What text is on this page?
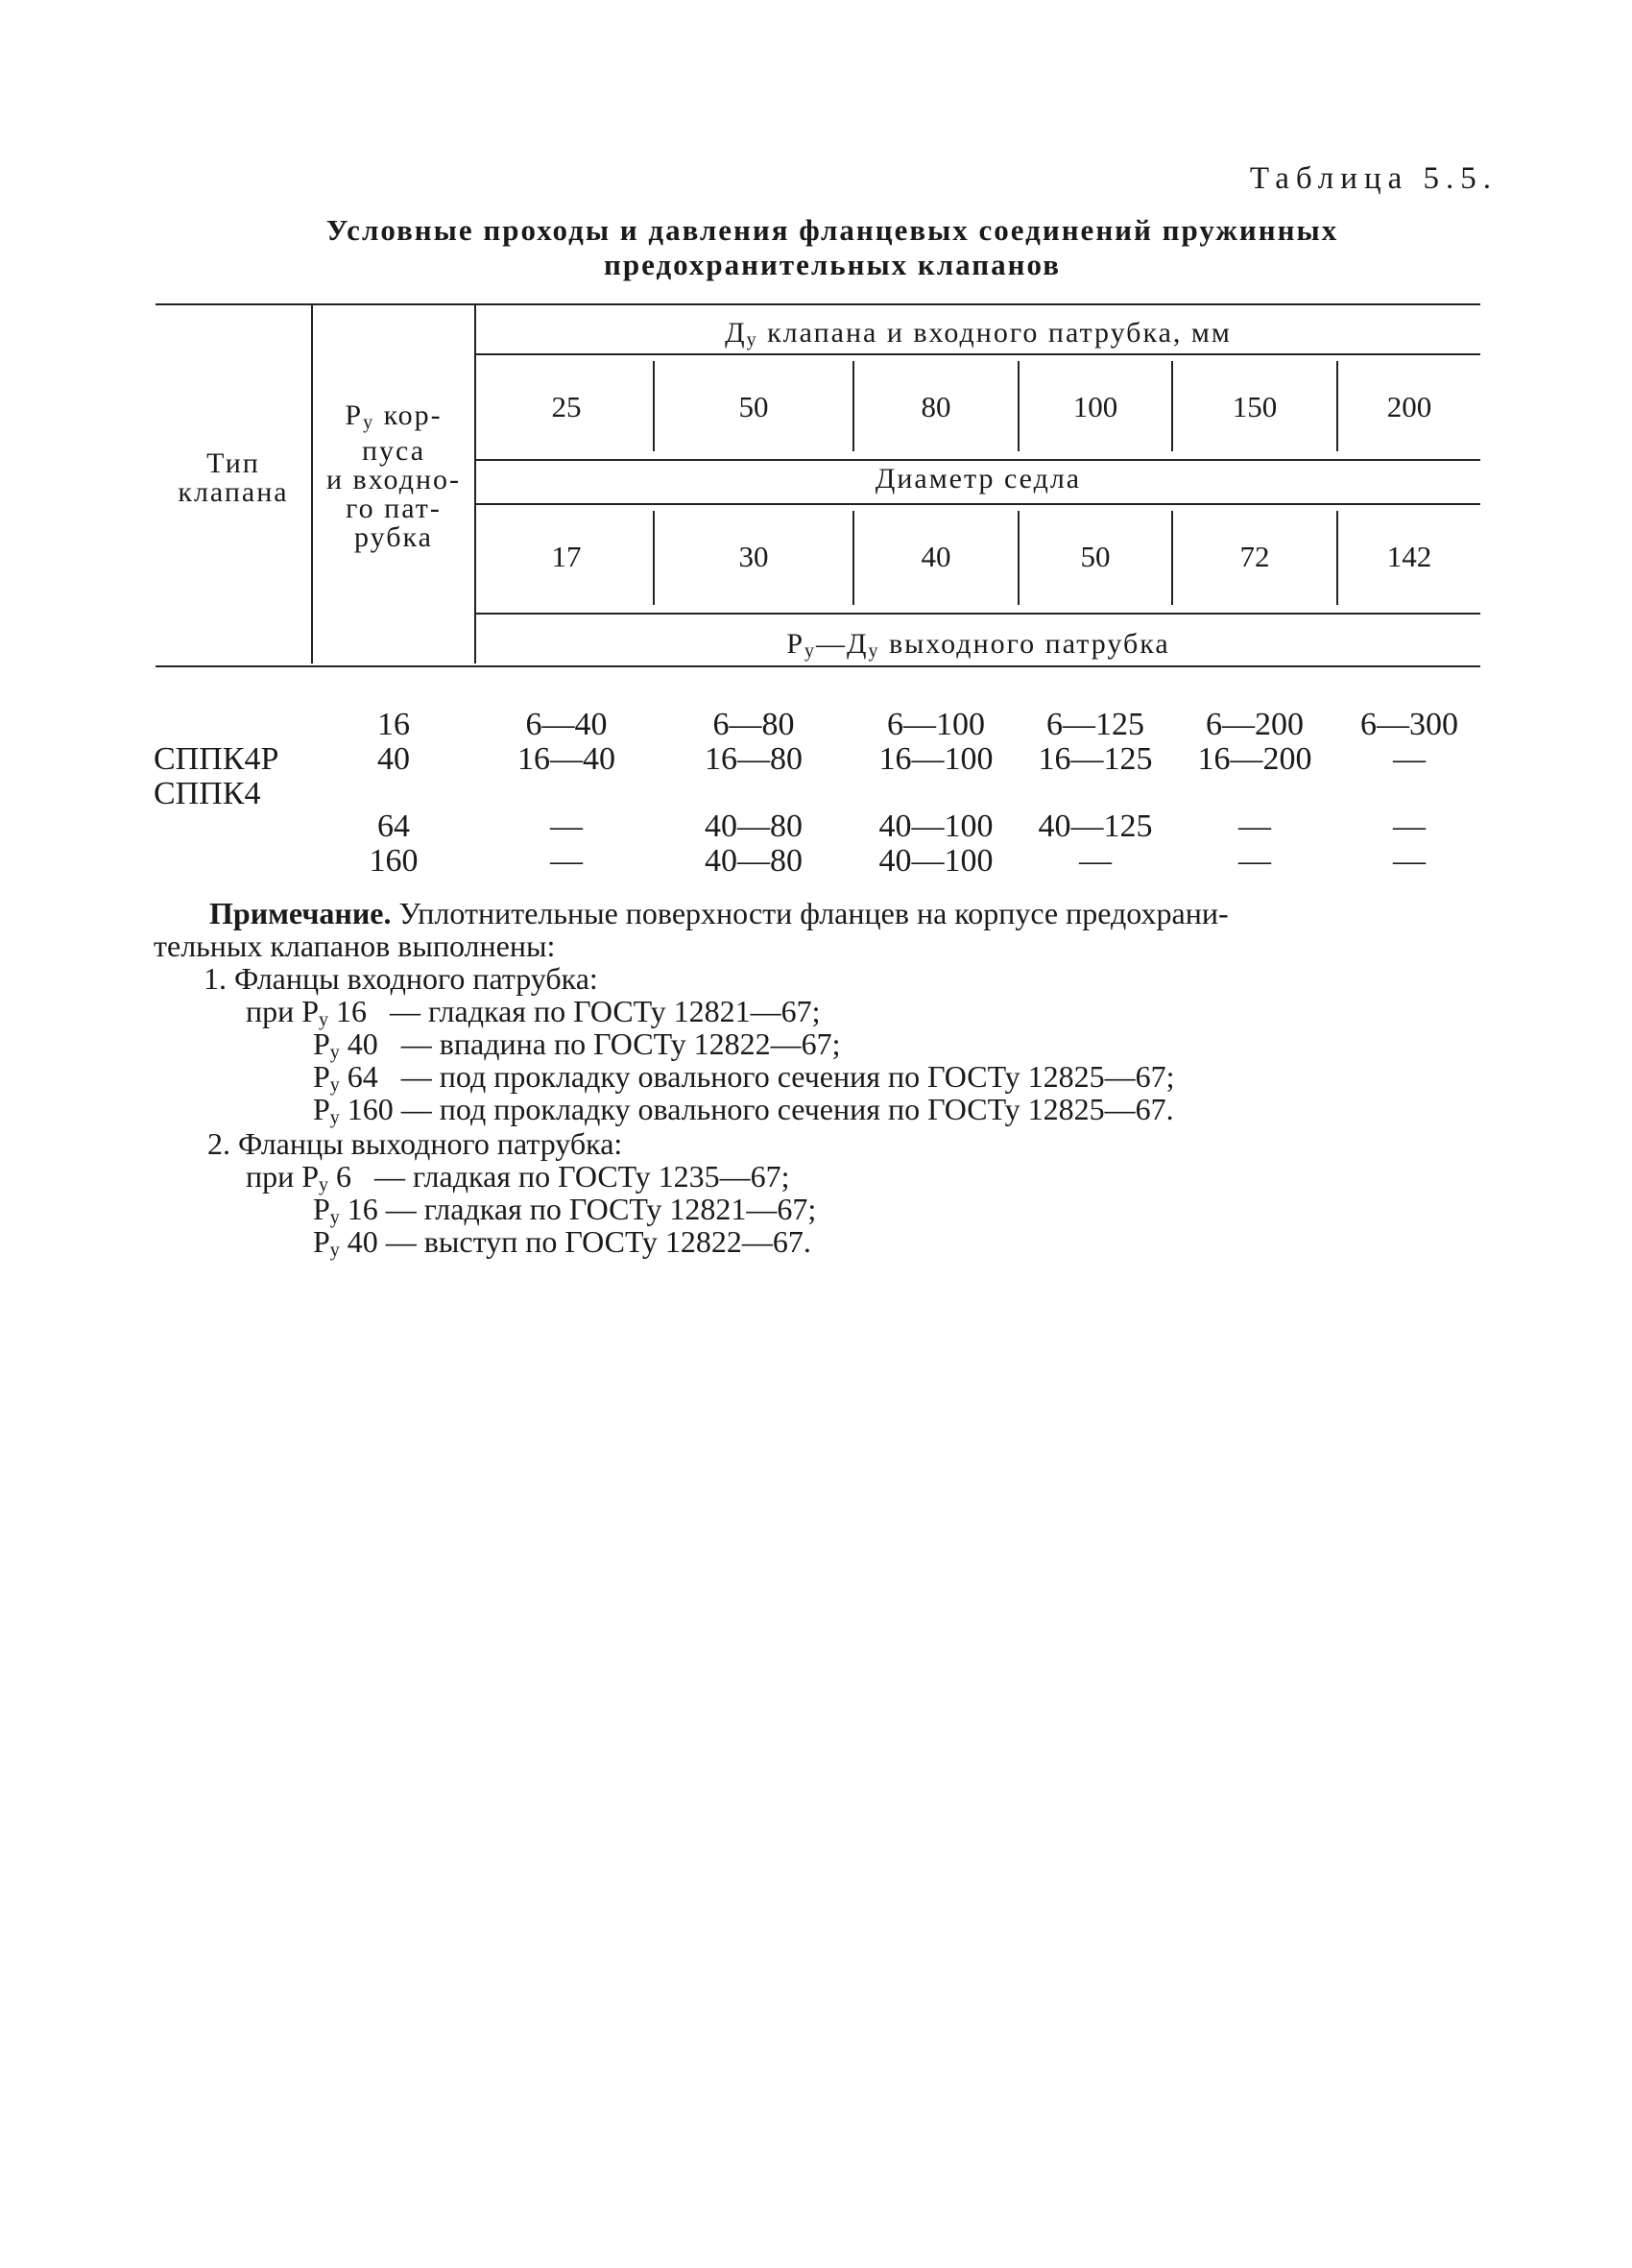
Таблица 5.5.
Условные проходы и давления фланцевых соединений пружинных
предохранительных клапанов
Тип
клапана
$P_у$ кор-
пуса
и входно-
го пат-
рубка
$Д_у$ клапана и входного патрубка, мм
25	50	80	100	150	200
Диаметр седла
17	30	40	50	72	142
$P_у—Д_у$ выходного патрубка
СППК4Р
СППК4
16	6—40	6—80	6—100	6—125	6—200	6—300
40	16—40	16—80	16—100	16—125	16—200	—
64	—	40—80	40—100	40—125	—	—
160	—	40—80	40—100	—	—	—
Примечание. Уплотнительные поверхности фланцев на корпусе предохрани-
тельных клапанов выполнены:
1. Фланцы входного патрубка:
при $P_у$ 16 — гладкая по ГОСТу 12821—67;
$P_у$ 40 — впадина по ГОСТу 12822—67;
$P_у$ 64 — под прокладку овального сечения по ГОСТу 12825—67;
$P_у$ 160 — под прокладку овального сечения по ГОСТу 12825—67.
2. Фланцы выходного патрубка:
при $P_у$ 6 — гладкая по ГОСТу 1235—67;
$P_у$ 16 — гладкая по ГОСТу 12821—67;
$P_у$ 40 — выступ по ГОСТу 12822—67.
